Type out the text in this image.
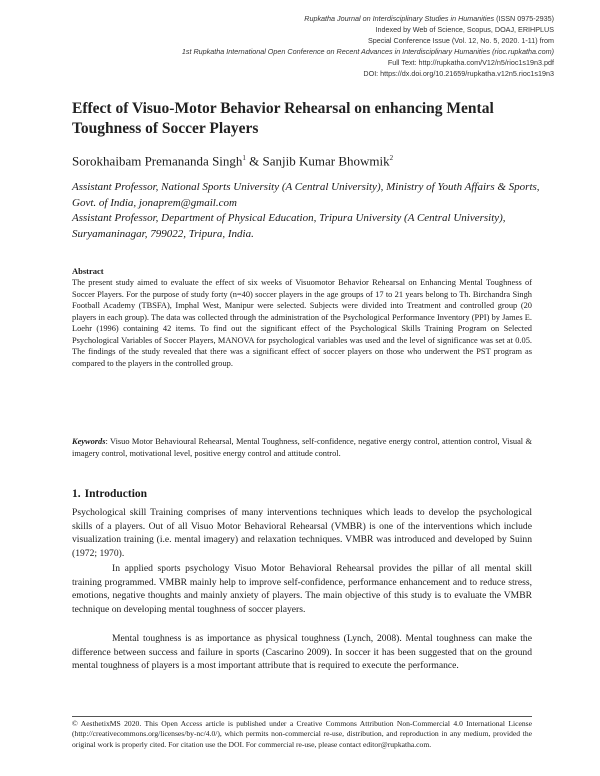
Rupkatha Journal on Interdisciplinary Studies in Humanities (ISSN 0975-2935)
Indexed by Web of Science, Scopus, DOAJ, ERIHPLUS
Special Conference Issue (Vol. 12, No. 5, 2020. 1-11) from
1st Rupkatha International Open Conference on Recent Advances in Interdisciplinary Humanities (rioc.rupkatha.com)
Full Text: http://rupkatha.com/V12/n5/rioc1s19n3.pdf
DOI: https://dx.doi.org/10.21659/rupkatha.v12n5.rioc1s19n3
Effect of Visuo-Motor Behavior Rehearsal on enhancing Mental Toughness of Soccer Players
Sorokhaibam Premananda Singh$^1$ & Sanjib Kumar Bhowmik$^2$
Assistant Professor, National Sports University (A Central University), Ministry of Youth Affairs & Sports, Govt. of India, jonaprem@gmail.com
Assistant Professor, Department of Physical Education, Tripura University (A Central University), Suryamaninagar, 799022, Tripura, India.
Abstract

The present study aimed to evaluate the effect of six weeks of Visuomotor Behavior Rehearsal on Enhancing Mental Toughness of Soccer Players. For the purpose of study forty (n=40) soccer players in the age groups of 17 to 21 years belong to Th. Birchandra Singh Football Academy (TBSFA), Imphal West, Manipur were selected. Subjects were divided into Treatment and controlled group (20 players in each group). The data was collected through the administration of the Psychological Performance Inventory (PPI) by James E. Loehr (1996) containing 42 items. To find out the significant effect of the Psychological Skills Training Program on Selected Psychological Variables of Soccer Players, MANOVA for psychological variables was used and the level of significance was set at 0.05. The findings of the study revealed that there was a significant effect of soccer players on those who underwent the PST program as compared to the players in the controlled group.

Keywords: Visuo Motor Behavioural Rehearsal, Mental Toughness, self-confidence, negative energy control, attention control, Visual & imagery control, motivational level, positive energy control and attitude control.

1. Introduction

Psychological skill Training comprises of many interventions techniques which leads to develop the psychological skills of a players. Out of all Visuo Motor Behavioral Rehearsal (VMBR) is one of the interventions which include visualization training (i.e. mental imagery) and relaxation techniques. VMBR was introduced and developed by Suinn (1972; 1970).

In applied sports psychology Visuo Motor Behavioral Rehearsal provides the pillar of all mental skill training programmed. VMBR mainly help to improve self-confidence, performance enhancement and to reduce stress, emotions, negative thoughts and mainly anxiety of players. The main objective of this study is to evaluate the VMBR technique on developing mental toughness of soccer players.

Mental toughness is as importance as physical toughness (Lynch, 2008). Mental toughness can make the difference between success and failure in sports (Cascarino 2009). In soccer it has been suggested that on the ground mental toughness of players is a most important attribute that is required to execute the performance.

© AesthetixMS 2020. This Open Access article is published under a Creative Commons Attribution Non-Commercial 4.0 International License (http://creativecommons.org/licenses/by-nc/4.0/), which permits non-commercial re-use, distribution, and reproduction in any medium, provided the original work is properly cited. For citation use the DOI. For commercial re-use, please contact editor@rupkatha.com.
